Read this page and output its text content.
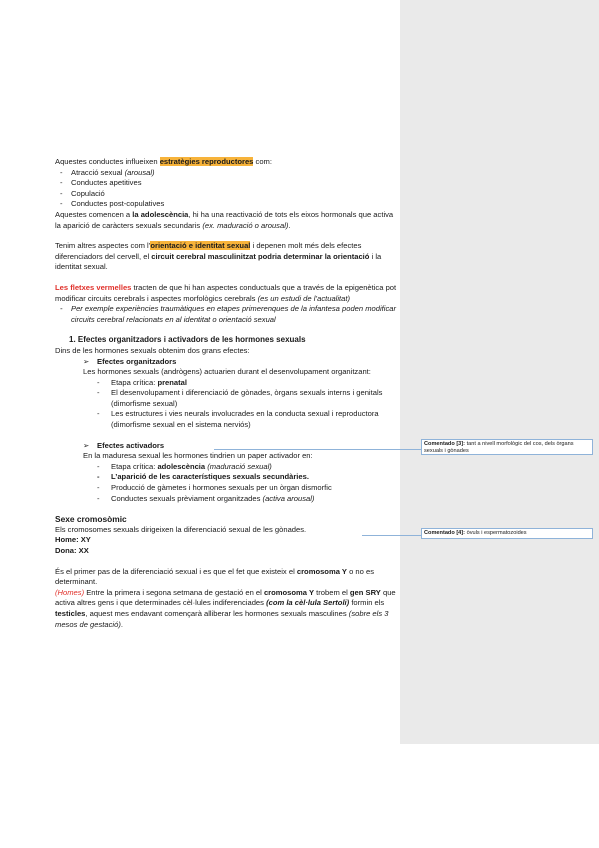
Aquestes conductes influeixen estratègies reproductores com:

- Atracció sexual (arousal)
- Conductes apetitives
- Copulació
- Conductes post-copulatives

Aquestes comencen a la adolescència, hi ha una reactivació de tots els eixos hormonals que activa la aparició de caràcters sexuals secundaris (ex. maduració o arousal).

Tenim altres aspectes com l’orientació e identitat sexual i depenen molt més dels efectes diferenciadors del cervell, el circuit cerebral masculinitzat podria determinar la orientació i la identitat sexual.

Les fletxes vermelles tracten de que hi han aspectes conductuals que a través de la epigenètica pot modificar circuits cerebrals i aspectes morfològics cerebrals (es un estudi de l’actualitat)

- Per exemple experiències traumàtiques en etapes primerenques de la infantesa poden modificar circuits cerebral relacionats en al identitat o orientació sexual

1. Efectes organitzadors i activadors de les hormones sexuals

Dins de les hormones sexuals obtenim dos grans efectes:

➢ Efectes organitzadors

Les hormones sexuals (andrògens) actuarien durant el desenvolupament organitzant:

- Etapa crítica: prenatal
- El desenvolupament i diferenciació de gònades, òrgans sexuals interns i genitals (dimorfisme sexual)
- Les estructures i vies neurals involucrades en la conducta sexual i reproductora (dimorfisme sexual en el sistema nerviós)
➢ Efectes activadors

En la maduresa sexual les hormones tindrien un paper activador en:

- Etapa crítica: adolescència (maduració sexual)
- L’aparició de les característiques sexuals secundàries.
- Producció de gàmetes i hormones sexuals per un òrgan dismorfic
- Conductes sexuals prèviament organitzades (activa arousal)

Sexe cromosòmic

Els cromosomes sexuals dirigeixen la diferenciació sexual de les gònades.

Home: XY

Dona: XX

És el primer pas de la diferenciació sexual i es que el fet que existeix el cromosoma Y o no es determinant.

(Homes) Entre la primera i segona setmana de gestació en el cromosoma Y trobem el gen SRY que activa altres gens i que determinades cèl·lules indiferenciades (com la cèl·lula Sertoli) formin els testicles, aquest mes endavant començarà alliberar les hormones sexuals masculines (sobre els 3 mesos de gestació).

Comentado [3]: tant a nivell morfològic del cos, dels òrgans sexuals i gònades
Comentado [4]: òvuls i espermatozoides
